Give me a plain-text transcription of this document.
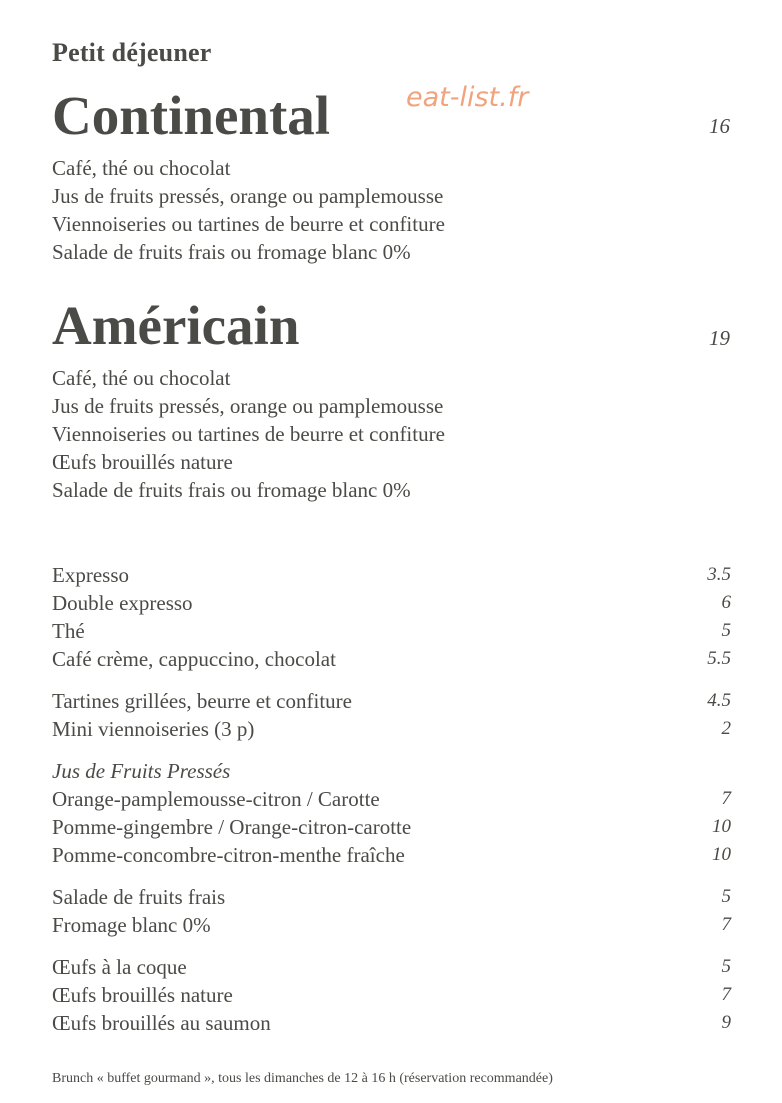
Petit déjeuner
eat-list.fr
Continental	16
Café, thé ou chocolat
Jus de fruits pressés, orange ou pamplemousse
Viennoiseries ou tartines de beurre et confiture
Salade de fruits frais ou fromage blanc 0%
Américain	19
Café, thé ou chocolat
Jus de fruits pressés, orange ou pamplemousse
Viennoiseries ou tartines de beurre et confiture
Œufs brouillés nature
Salade de fruits frais ou fromage blanc 0%
Expresso	3.5
Double expresso	6
Thé	5
Café crème, cappuccino, chocolat	5.5
Tartines grillées, beurre et confiture	4.5
Mini viennoiseries (3 p)	2
Jus de Fruits Pressés
Orange-pamplemousse-citron / Carotte	7
Pomme-gingembre / Orange-citron-carotte	10
Pomme-concombre-citron-menthe fraîche	10
Salade de fruits frais	5
Fromage blanc 0%	7
Œufs à la coque	5
Œufs brouillés nature	7
Œufs brouillés au saumon	9
Brunch « buffet gourmand », tous les dimanches de 12 à 16 h (réservation recommandée)
